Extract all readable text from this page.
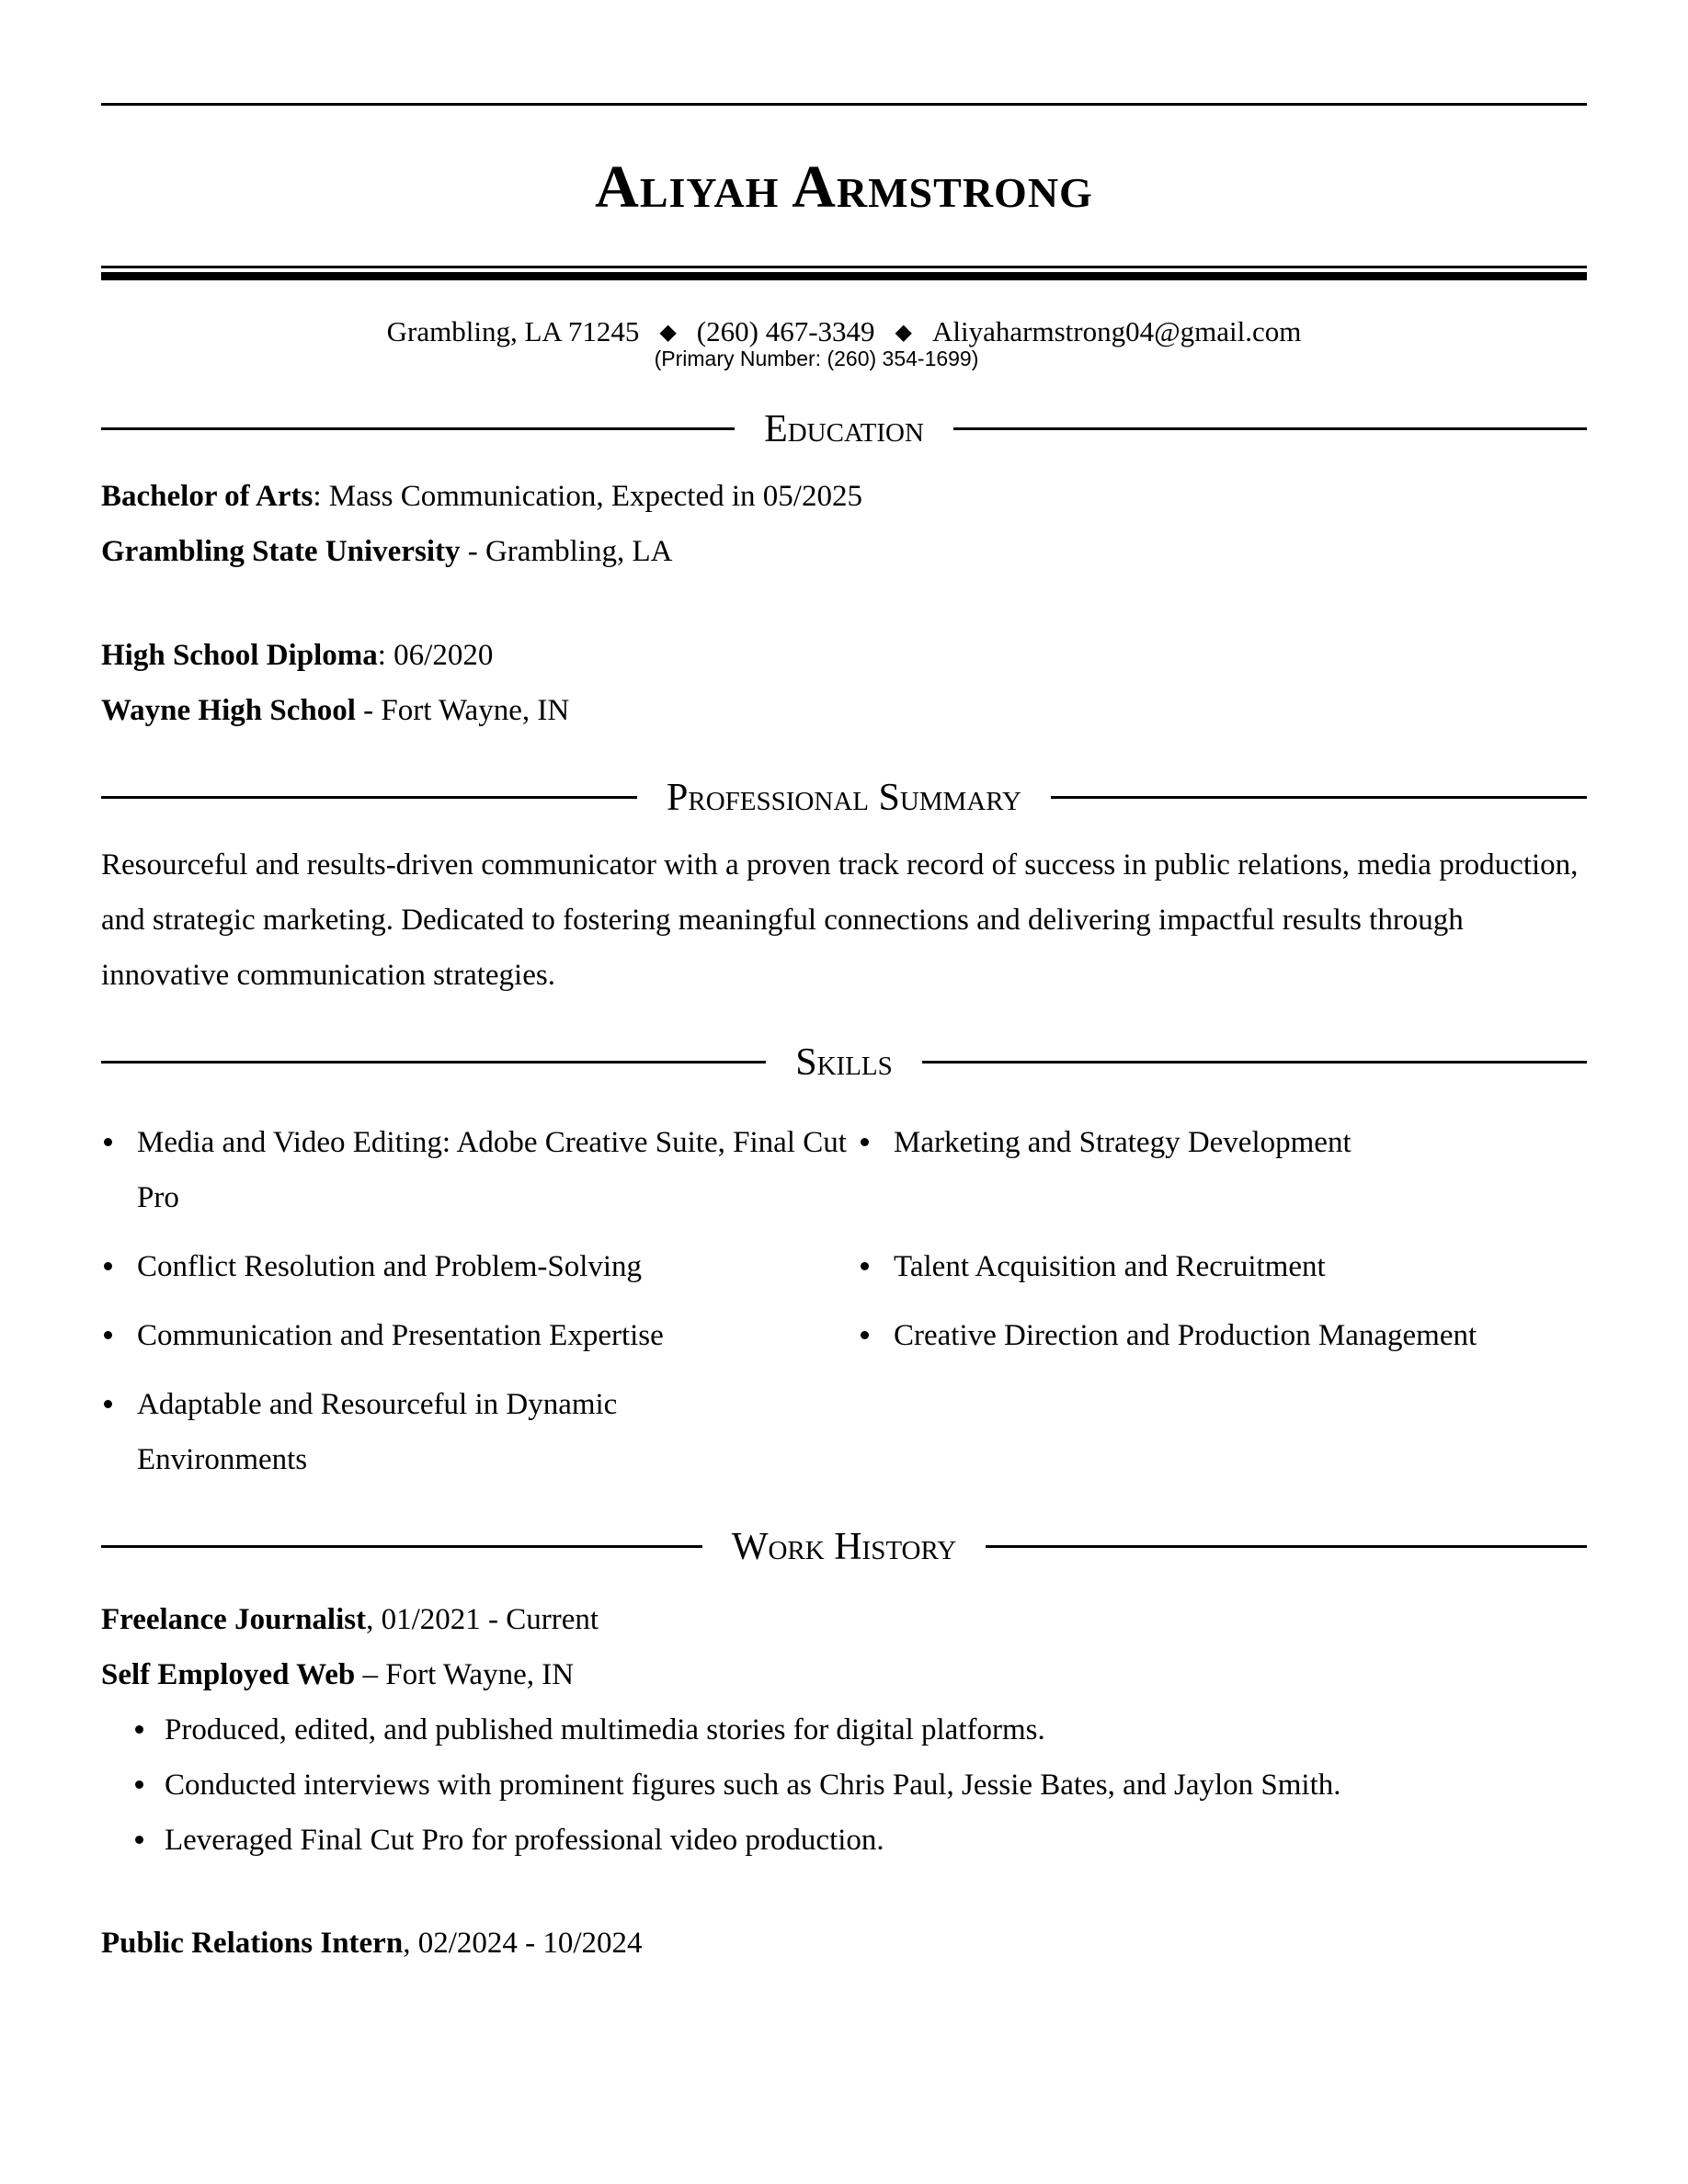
Aliyah Armstrong
Grambling, LA 71245 ◆ (260) 467-3349 ◆ Aliyaharmstrong04@gmail.com
(Primary Number: (260) 354-1699)
Education
Bachelor of Arts: Mass Communication, Expected in 05/2025
Grambling State University - Grambling, LA
High School Diploma: 06/2020
Wayne High School - Fort Wayne, IN
Professional Summary
Resourceful and results-driven communicator with a proven track record of success in public relations, media production, and strategic marketing. Dedicated to fostering meaningful connections and delivering impactful results through innovative communication strategies.
Skills
Media and Video Editing: Adobe Creative Suite, Final Cut Pro
Marketing and Strategy Development
Conflict Resolution and Problem-Solving	Talent Acquisition and Recruitment
Communication and Presentation Expertise	Creative Direction and Production Management
Adaptable and Resourceful in Dynamic Environments
Work History
Freelance Journalist, 01/2021 - Current
Self Employed Web – Fort Wayne, IN
Produced, edited, and published multimedia stories for digital platforms.
Conducted interviews with prominent figures such as Chris Paul, Jessie Bates, and Jaylon Smith.
Leveraged Final Cut Pro for professional video production.
Public Relations Intern, 02/2024 - 10/2024
